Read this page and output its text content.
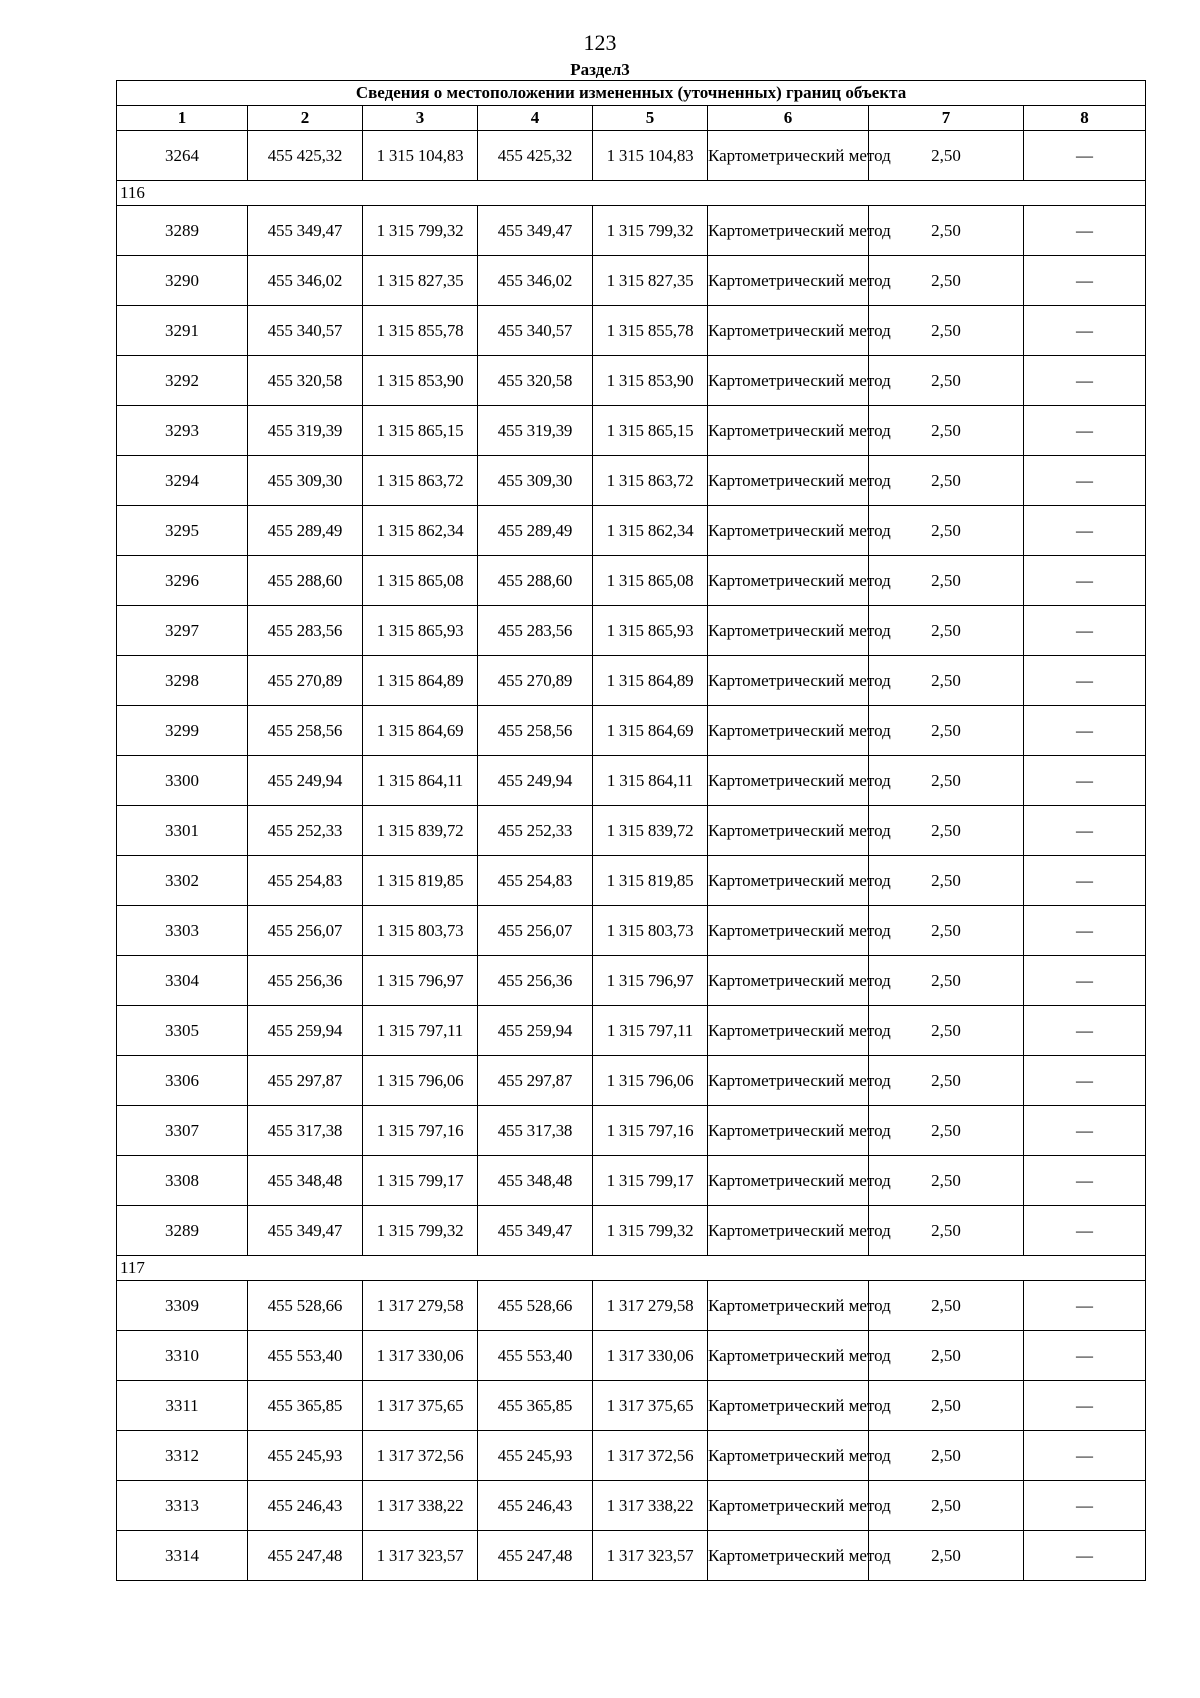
123
Раздел3
Сведения о местоположении измененных (уточненных) границ объекта							
1	2	3	4	5	6	7	8
3264	455 425,32	1 315 104,83	455 425,32	1 315 104,83	Картометрический метод	2,50	—
116							
3289	455 349,47	1 315 799,32	455 349,47	1 315 799,32	Картометрический метод	2,50	—
3290	455 346,02	1 315 827,35	455 346,02	1 315 827,35	Картометрический метод	2,50	—
3291	455 340,57	1 315 855,78	455 340,57	1 315 855,78	Картометрический метод	2,50	—
3292	455 320,58	1 315 853,90	455 320,58	1 315 853,90	Картометрический метод	2,50	—
3293	455 319,39	1 315 865,15	455 319,39	1 315 865,15	Картометрический метод	2,50	—
3294	455 309,30	1 315 863,72	455 309,30	1 315 863,72	Картометрический метод	2,50	—
3295	455 289,49	1 315 862,34	455 289,49	1 315 862,34	Картометрический метод	2,50	—
3296	455 288,60	1 315 865,08	455 288,60	1 315 865,08	Картометрический метод	2,50	—
3297	455 283,56	1 315 865,93	455 283,56	1 315 865,93	Картометрический метод	2,50	—
3298	455 270,89	1 315 864,89	455 270,89	1 315 864,89	Картометрический метод	2,50	—
3299	455 258,56	1 315 864,69	455 258,56	1 315 864,69	Картометрический метод	2,50	—
3300	455 249,94	1 315 864,11	455 249,94	1 315 864,11	Картометрический метод	2,50	—
3301	455 252,33	1 315 839,72	455 252,33	1 315 839,72	Картометрический метод	2,50	—
3302	455 254,83	1 315 819,85	455 254,83	1 315 819,85	Картометрический метод	2,50	—
3303	455 256,07	1 315 803,73	455 256,07	1 315 803,73	Картометрический метод	2,50	—
3304	455 256,36	1 315 796,97	455 256,36	1 315 796,97	Картометрический метод	2,50	—
3305	455 259,94	1 315 797,11	455 259,94	1 315 797,11	Картометрический метод	2,50	—
3306	455 297,87	1 315 796,06	455 297,87	1 315 796,06	Картометрический метод	2,50	—
3307	455 317,38	1 315 797,16	455 317,38	1 315 797,16	Картометрический метод	2,50	—
3308	455 348,48	1 315 799,17	455 348,48	1 315 799,17	Картометрический метод	2,50	—
3289	455 349,47	1 315 799,32	455 349,47	1 315 799,32	Картометрический метод	2,50	—
117							
3309	455 528,66	1 317 279,58	455 528,66	1 317 279,58	Картометрический метод	2,50	—
3310	455 553,40	1 317 330,06	455 553,40	1 317 330,06	Картометрический метод	2,50	—
3311	455 365,85	1 317 375,65	455 365,85	1 317 375,65	Картометрический метод	2,50	—
3312	455 245,93	1 317 372,56	455 245,93	1 317 372,56	Картометрический метод	2,50	—
3313	455 246,43	1 317 338,22	455 246,43	1 317 338,22	Картометрический метод	2,50	—
3314	455 247,48	1 317 323,57	455 247,48	1 317 323,57	Картометрический метод	2,50	—
